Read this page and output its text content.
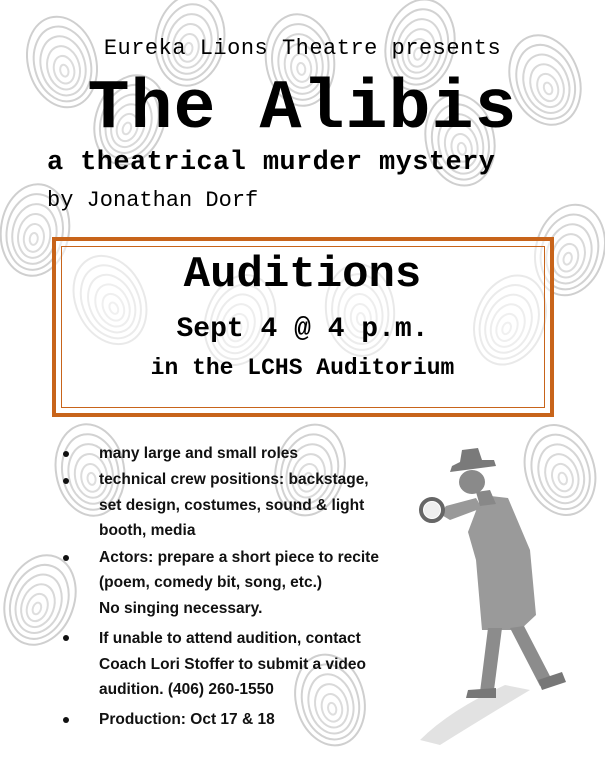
Eureka Lions Theatre presents
The Alibis
a theatrical murder mystery
by Jonathan Dorf
Auditions
Sept 4 @ 4 p.m.
in the LCHS Auditorium
many large and small roles
technical crew positions: backstage,
set design, costumes, sound & light
booth, media
Actors: prepare a short piece to recite
(poem, comedy bit, song, etc.)
No singing necessary.
If unable to attend audition, contact
Coach Lori Stoffer to submit a video
audition. (406) 260-1550
Production: Oct 17 & 18
